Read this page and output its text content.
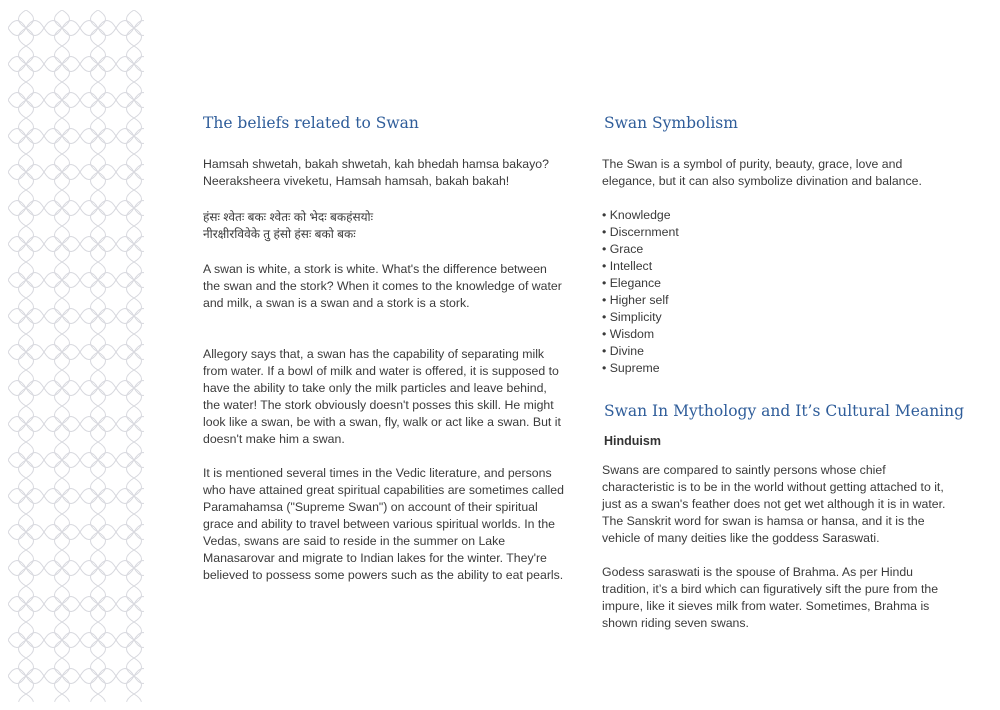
The beliefs related to Swan
Hamsah shwetah, bakah shwetah, kah bhedah hamsa bakayo?
Neeraksheera viveketu, Hamsah hamsah, bakah bakah!
हंसः श्वेतः बकः श्वेतः को भेदः बकहंसयोः
नीरक्षीरविवेके तु हंसो हंसः बको बकः

A swan is white, a stork is white. What's the difference between the swan and the stork? When it comes to the knowledge of water and milk, a swan is a swan and a stork is a stork.

Allegory says that, a swan has the capability of separating milk from water. If a bowl of milk and water is offered, it is supposed to have the ability to take only the milk particles and leave behind, the water! The stork obviously doesn't posses this skill. He might look like a swan, be with a swan, fly, walk or act like a swan. But it doesn't make him a swan.

It is mentioned several times in the Vedic literature, and persons who have attained great spiritual capabilities are sometimes called Paramahamsa ("Supreme Swan") on account of their spiritual grace and ability to travel between various spiritual worlds. In the Vedas, swans are said to reside in the summer on Lake Manasarovar and migrate to Indian lakes for the winter. They're believed to possess some powers such as the ability to eat pearls.

Swan Symbolism

The Swan is a symbol of purity, beauty, grace, love and elegance, but it can also symbolize divination and balance.

• Knowledge
• Discernment
• Grace
• Intellect
• Elegance
• Higher self
• Simplicity
• Wisdom
• Divine
• Supreme
Swan In Mythology and It’s Cultural Meaning
Hinduism

Swans are compared to saintly persons whose chief characteristic is to be in the world without getting attached to it, just as a swan's feather does not get wet although it is in water. The Sanskrit word for swan is hamsa or hansa, and it is the vehicle of many deities like the goddess Saraswati.

Godess saraswati is the spouse of Brahma. As per Hindu tradition, it’s a bird which can figuratively sift the pure from the impure, like it sieves milk from water. Sometimes, Brahma is shown riding seven swans.
